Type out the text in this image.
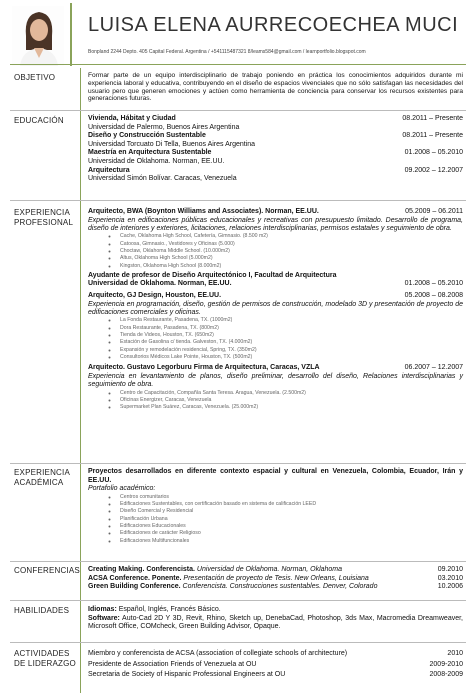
LUISA ELENA AURRECOECHEA MUCI
Bonpland 2244 Depto. 405 Capital Federal. Argentina / +541115487321 8/leams584@gmail.com / learnportfolio.blogspot.com
OBJETIVO	Formar parte de un equipo interdisciplinario de trabajo poniendo en práctica los conocimientos adquiridos durante mi experiencia laboral y educativa, contribuyendo en el diseño de espacios vivenciales que no sólo satisfagan las necesidades del usuario pero que generen emociones y actúen como herramienta de conciencia para conservar los recursos existentes para generaciones futuras.
EDUCACIÓN	Vivienda, Hábitat y Ciudad	08.2011 – Presente
Universidad de Palermo, Buenos Aires Argentina
Diseño y Construcción Sustentable	08.2011 – Presente
Universidad Torcuato Di Tella, Buenos Aires Argentina
Maestría en Arquitectura Sustentable	01.2008 – 05.2010
Universidad de Oklahoma. Norman, EE.UU.
Arquitectura	09.2002 – 12.2007
Universidad Simón Bolívar. Caracas, Venezuela
EXPERIENCIA
PROFESIONAL
Arquitecto, BWA (Boynton Williams and Associates). Norman, EE.UU.	05.2009 – 06.2011
Experiencia en edificaciones públicas educacionales y recreativas con presupuesto limitado. Desarrollo de programa, diseño de interiores y exteriores, licitaciones, relaciones interdisciplinarias, permisos estatales y seguimiento de obra.
◦ Cache, Oklahoma High School, Cafetería, Gimnasio. (8.500 m2)
◦ Catoosa, Gimnasio., Vestidores y Oficinas (5.000)
◦ Choctaw, Oklahoma Middle School. (10.000m2)
◦ Altus, Oklahoma High School (5.000m2)
◦ Kingston, Oklahoma High School (8.000m2)
Ayudante de profesor de Diseño Arquitectónico I, Facultad de Arquitectura
Universidad de Oklahoma. Norman, EE.UU.	01.2008 – 05.2010
Arquitecto, GJ Design, Houston, EE.UU.	05.2008 – 08.2008
Experiencia en programación, diseño, gestión de permisos de construcción, modelado 3D y presentación de proyecto de edificaciones comerciales y oficinas.
◦ La Fonda Restaurante, Pasadena, TX. (1000m2)
◦ Dora Restaurante, Pasadena, TX. (800m2)
◦ Tienda de Videos, Houston, TX. (650m2)
◦ Estación de Gasolina c/ tienda. Galveston, TX. (4.000m2)
◦ Expansión y remodelación residencial, Spring, TX. (350m2)
◦ Consultorios Médicos Lake Pointe, Houston, TX. (500m2)
Arquitecto. Gustavo Legorburu Firma de Arquitectura, Caracas, VZLA	06.2007 – 12.2007
Experiencia en levantamiento de planos, diseño preliminar, desarrollo del diseño, Relaciones interdisciplinarias y seguimiento de obra.
◦ Centro de Capacitación, Compañía Santa Teresa. Aragua, Venezuela. (2.500m2)
◦ Oficinas Energizer, Caracas, Venezuela
◦ Supermarket Plan Suárez, Caracas, Venezuela. (25.000m2)
EXPERIENCIA
ACADÉMICA
Proyectos desarrollados en diferente contexto espacial y cultural en Venezuela, Colombia, Ecuador, Irán y EE.UU.
Portafolio académico:
◦ Centros comunitarios
◦ Edificaciones Sustentables, con certificación basado en sistema de calificación LEED
◦ Diseño Comercial y Residencial
◦ Planificación Urbana
◦ Edificaciones Educacionales
◦ Edificaciones de carácter Religioso
◦ Edificaciones Multifuncionales
CONFERENCIAS Creating Making. Conferencista. Universidad de Oklahoma. Norman, Oklahoma	09.2010
ACSA Conference. Ponente. Presentación de proyecto de Tesis. New Orleans, Louisiana	03.2010
Green Building Conference. Conferencista. Construcciones sustentables. Denver, Colorado	10.2006
HABILIDADES	Idiomas: Español, Inglés, Francés Básico.
Software: Auto-Cad 2D Y 3D, Revit, Rhino, Sketch up, DenebaCad, Photoshop, 3ds Max, Macromedia Dreamweaver, Microsoft Office, COMcheck, Green Building Advisor, Opaque.
ACTIVIDADES
DE LIDERAZGO
Miembro y conferencista de ACSA (association of collegiate schools of architecture)	2010
Presidente de Association Friends of Venezuela at OU	2009-2010
Secretaria de Society of Hispanic Professional Engineers at OU	2008-2009
